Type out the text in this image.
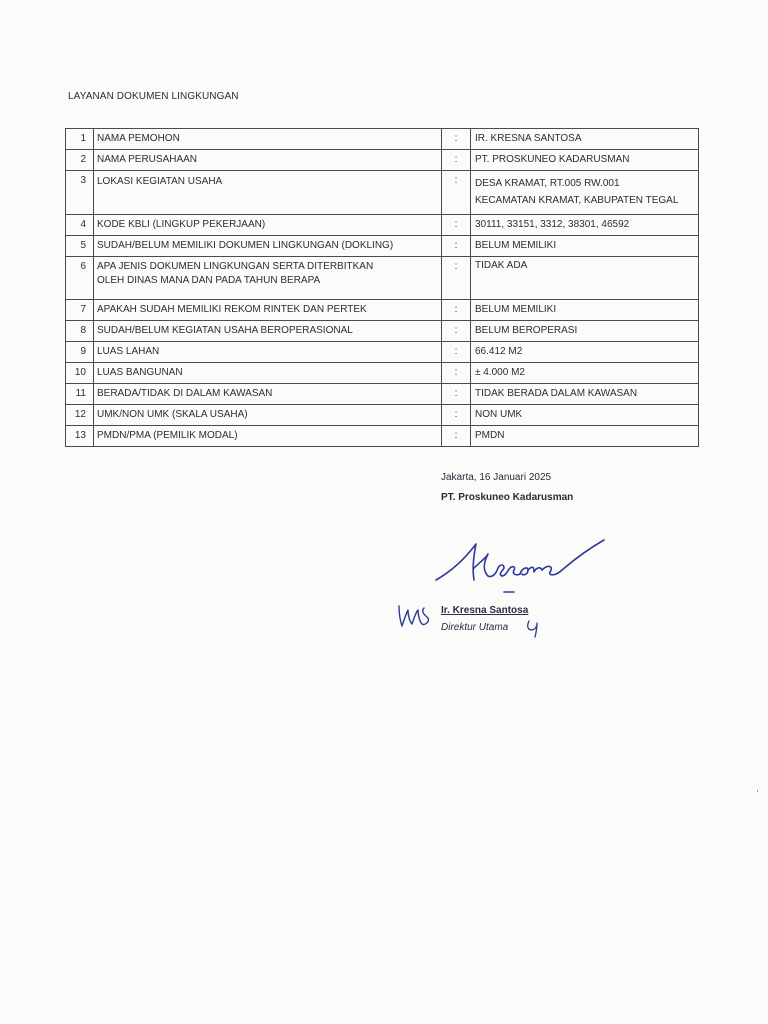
LAYANAN DOKUMEN LINGKUNGAN
1	NAMA PEMOHON	:	IR. KRESNA SANTOSA
2	NAMA PERUSAHAAN	:	PT. PROSKUNEO KADARUSMAN
3	LOKASI KEGIATAN USAHA	:	DESA KRAMAT, RT.005 RW.001
KECAMATAN KRAMAT, KABUPATEN TEGAL

4	KODE KBLI (LINGKUP PEKERJAAN)	:	30111, 33151, 3312, 38301, 46592
5	SUDAH/BELUM MEMILIKI DOKUMEN LINGKUNGAN (DOKLING)	:	BELUM MEMILIKI
6	APA JENIS DOKUMEN LINGKUNGAN SERTA DITERBITKAN
OLEH DINAS MANA DAN PADA TAHUN BERAPA	:	TIDAK ADA
7	APAKAH SUDAH MEMILIKI REKOM RINTEK DAN PERTEK	:	BELUM MEMILIKI
8	SUDAH/BELUM KEGIATAN USAHA BEROPERASIONAL	:	BELUM BEROPERASI
9	LUAS LAHAN	:	66.412 M2
10	LUAS BANGUNAN	:	± 4.000 M2
11	BERADA/TIDAK DI DALAM KAWASAN	:	TIDAK BERADA DALAM KAWASAN
12	UMK/NON UMK (SKALA USAHA)	:	NON UMK
13	PMDN/PMA (PEMILIK MODAL)	:	PMDN
Jakarta, 16 Januari 2025
PT. Proskuneo Kadarusman
Ir. Kresna Santosa
Direktur Utama
